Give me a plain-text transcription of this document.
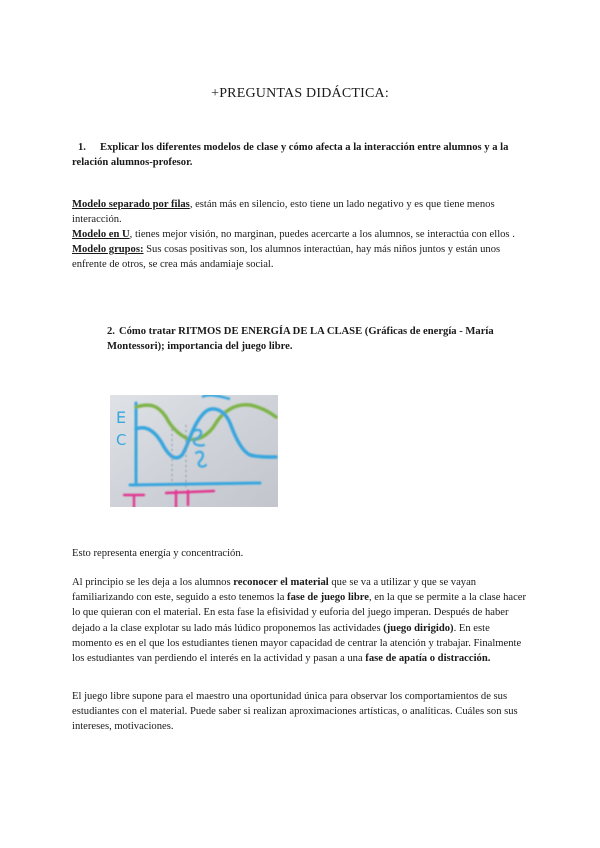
+PREGUNTAS DIDÁCTICA:
1. Explicar los diferentes modelos de clase y cómo afecta a la interacción entre alumnos y a la relación alumnos-profesor.

Modelo separado por filas, están más en silencio, esto tiene un lado negativo y es que tiene menos interacción.

Modelo en U, tienes mejor visión, no marginan, puedes acercarte a los alumnos, se interactúa con ellos .

Modelo grupos: Sus cosas positivas son, los alumnos interactúan, hay más niños juntos y están unos enfrente de otros, se crea más andamiaje social.

2. Cómo tratar RITMOS DE ENERGÍA DE LA CLASE (Gráficas de energía - María Montessori); importancia del juego libre.
E
C

Esto representa energía y concentración.

Al principio se les deja a los alumnos reconocer el material que se va a utilizar y que se vayan familiarizando con este, seguido a esto tenemos la fase de juego libre, en la que se permite a la clase hacer lo que quieran con el material. En esta fase la efisividad y euforia del juego imperan. Después de haber dejado a la clase explotar su lado más lúdico proponemos las actividades (juego dirigido). En este momento es en el que los estudiantes tienen mayor capacidad de centrar la atención y trabajar. Finalmente los estudiantes van perdiendo el interés en la actividad y pasan a una fase de apatía o distracción.

El juego libre supone para el maestro una oportunidad única para observar los comportamientos de sus estudiantes con el material. Puede saber si realizan aproximaciones artísticas, o analíticas. Cuáles son sus intereses, motivaciones.
